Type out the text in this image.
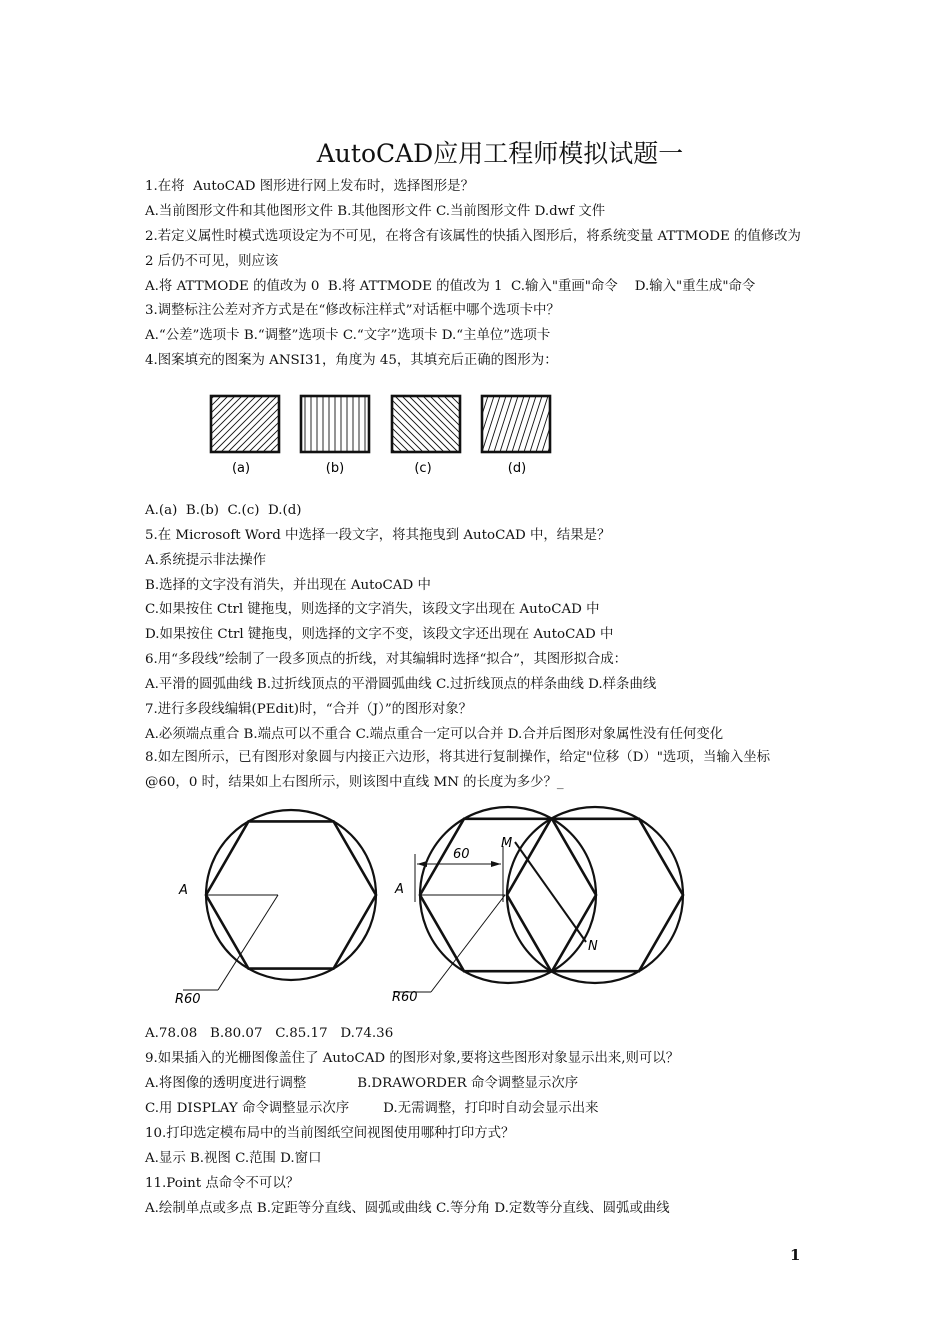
AutoCAD应用工程师模拟试题一
1.在将  AutoCAD 图形进行网上发布时，选择图形是？
A.当前图形文件和其他图形文件 B.其他图形文件 C.当前图形文件 D.dwf 文件
2.若定义属性时模式选项设定为不可见，在将含有该属性的快插入图形后，将系统变量 ATTMODE 的值修改为 2 后仍不可见，则应该
A.将 ATTMODE 的值改为 0  B.将 ATTMODE 的值改为 1  C.输入"重画"命令    D.输入"重生成"命令
3.调整标注公差对齐方式是在“修改标注样式”对话框中哪个选项卡中？
A.“公差”选项卡 B.“调整”选项卡 C.“文字”选项卡 D.“主单位”选项卡
4.图案填充的图案为 ANSI31，角度为 45，其填充后正确的图形为：
(a)	(b)	(c)	(d)
A.(a)  B.(b)  C.(c)  D.(d)
5.在 Microsoft Word 中选择一段文字，将其拖曳到 AutoCAD 中，结果是？
A.系统提示非法操作
B.选择的文字没有消失，并出现在 AutoCAD 中
C.如果按住 Ctrl 键拖曳，则选择的文字消失，该段文字出现在 AutoCAD 中
D.如果按住 Ctrl 键拖曳，则选择的文字不变，该段文字还出现在 AutoCAD 中
6.用“多段线”绘制了一段多顶点的折线，对其编辑时选择“拟合”，其图形拟合成：
A.平滑的圆弧曲线 B.过折线顶点的平滑圆弧曲线 C.过折线顶点的样条曲线 D.样条曲线
7.进行多段线编辑(PEdit)时，“合并（J）”的图形对象？
A.必须端点重合 B.端点可以不重合 C.端点重合一定可以合并 D.合并后图形对象属性没有任何变化
8.如左图所示，已有图形对象圆与内接正六边形，将其进行复制操作，给定"位移（D）"选项，当输入坐标 @60，0 时，结果如上右图所示，则该图中直线 MN 的长度为多少？_
A
R60
A
R60
60
M
N
A.78.08   B.80.07   C.85.17   D.74.36
9.如果插入的光栅图像盖住了 AutoCAD 的图形对象,要将这些图形对象显示出来,则可以？
A.将图像的透明度进行调整            B.DRAWORDER 命令调整显示次序
C.用 DISPLAY 命令调整显示次序        D.无需调整，打印时自动会显示出来
10.打印选定模布局中的当前图纸空间视图使用哪种打印方式？
A.显示 B.视图 C.范围 D.窗口
11.Point 点命令不可以？
A.绘制单点或多点 B.定距等分直线、圆弧或曲线 C.等分角 D.定数等分直线、圆弧或曲线
1
